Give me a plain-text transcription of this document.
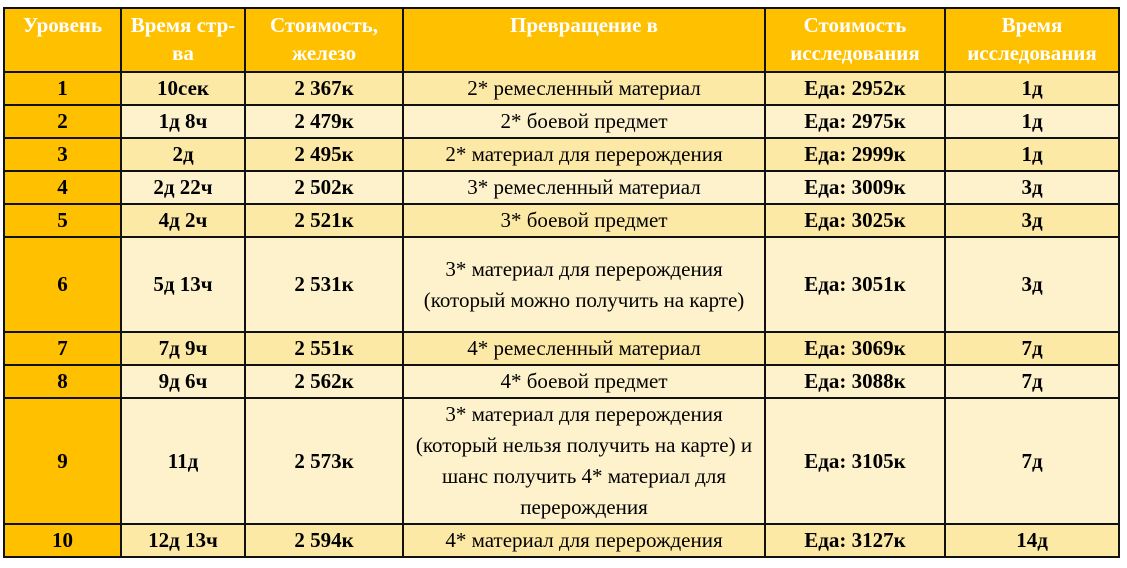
Уровень	Время стр-ва	Стоимость, железо	Превращение в	Стоимость исследования	Время исследования
1	10сек	2 367к	2* ремесленный материал	Еда: 2952к	1д
2	1д 8ч	2 479к	2* боевой предмет	Еда: 2975к	1д
3	2д	2 495к	2* материал для перерождения	Еда: 2999к	1д
4	2д 22ч	2 502к	3* ремесленный материал	Еда: 3009к	3д
5	4д 2ч	2 521к	3* боевой предмет	Еда: 3025к	3д
6	5д 13ч	2 531к	3* материал для перерождения (который можно получить на карте)	Еда: 3051к	3д
7	7д 9ч	2 551к	4* ремесленный материал	Еда: 3069к	7д
8	9д 6ч	2 562к	4* боевой предмет	Еда: 3088к	7д
9	11д	2 573к	3* материал для перерождения (который нельзя получить на карте) и шанс получить 4* материал для перерождения	Еда: 3105к	7д
10	12д 13ч	2 594к	4* материал для перерождения	Еда: 3127к	14д
